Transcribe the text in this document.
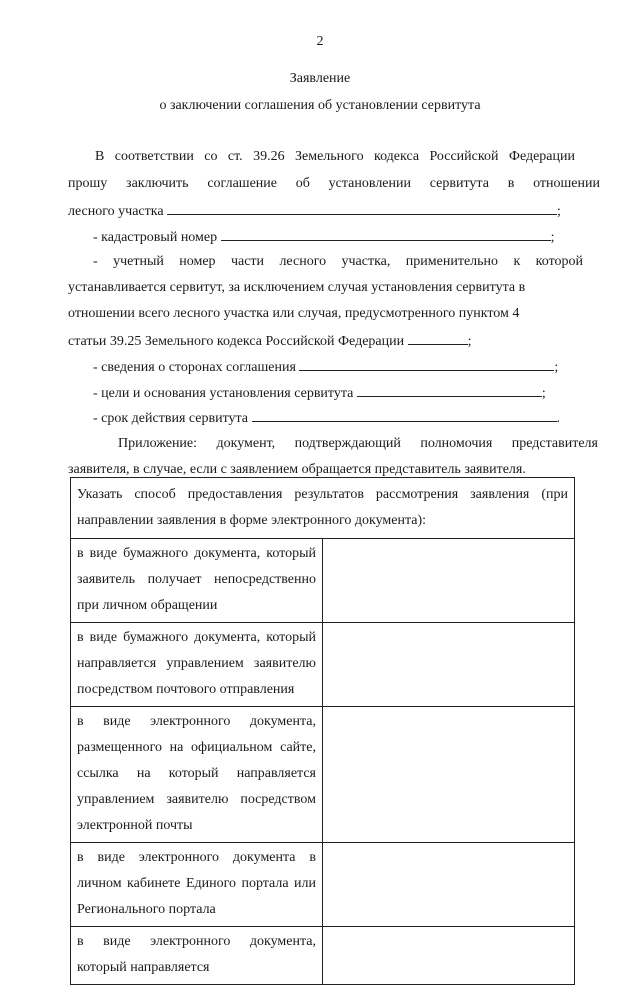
2
Заявление
о заключении соглашения об установлении сервитута
В соответствии со ст. 39.26 Земельного кодекса Российской Федерации
прошу заключить соглашение об установлении сервитута в отношении
лесного участка	;
- кадастровый номер	;
- учетный номер части лесного участка, применительно к которой
устанавливается сервитут, за исключением случая установления сервитута в
отношении всего лесного участка или случая, предусмотренного пунктом 4
статьи 39.25 Земельного кодекса Российской Федерации	;
- сведения о сторонах соглашения	;
- цели и основания установления сервитута	;
- срок действия сервитута	.
Приложение: документ, подтверждающий полномочия представителя
заявителя, в случае, если с заявлением обращается представитель заявителя.
Указать способ предоставления результатов рассмотрения заявления (при направлении заявления в форме электронного документа):	
в виде бумажного документа, который заявитель получает непосредственно при личном обращении	
в виде бумажного документа, который направляется управлением заявителю посредством почтового отправления	
в виде электронного документа, размещенного на официальном сайте, ссылка на который направляется управлением заявителю посредством электронной почты	
в виде электронного документа в личном кабинете Единого портала или Регионального портала	
в виде электронного документа, который направляется	
